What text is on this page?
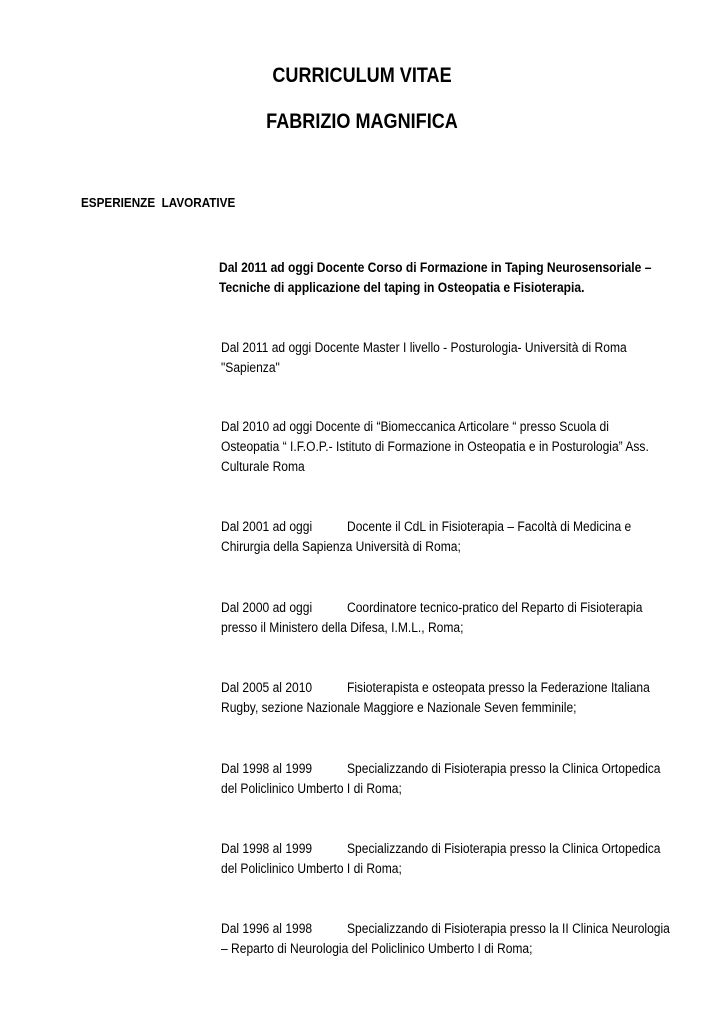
CURRICULUM VITAE
FABRIZIO MAGNIFICA
ESPERIENZE  LAVORATIVE
Dal 2011 ad oggi Docente Corso di Formazione in Taping Neurosensoriale –
Tecniche di applicazione del taping in Osteopatia e Fisioterapia.
Dal 2011 ad oggi Docente Master I livello - Posturologia- Università di Roma
"Sapienza"
Dal 2010 ad oggi Docente di “Biomeccanica Articolare “ presso Scuola di
Osteopatia “ I.F.O.P.- Istituto di Formazione in Osteopatia e in Posturologia” Ass.
Culturale Roma
Dal 2001 ad oggi	Docente il CdL in Fisioterapia – Facoltà di Medicina e
Chirurgia della Sapienza Università di Roma;
Dal 2000 ad oggi	Coordinatore tecnico-pratico del Reparto di Fisioterapia
presso il Ministero della Difesa, I.M.L., Roma;
Dal 2005 al 2010	Fisioterapista e osteopata presso la Federazione Italiana
Rugby, sezione Nazionale Maggiore e Nazionale Seven femminile;
Dal 1998 al 1999	Specializzando di Fisioterapia presso la Clinica Ortopedica
del Policlinico Umberto I di Roma;
Dal 1998 al 1999	Specializzando di Fisioterapia presso la Clinica Ortopedica
del Policlinico Umberto I di Roma;
Dal 1996 al 1998	Specializzando di Fisioterapia presso la II Clinica Neurologia
– Reparto di Neurologia del Policlinico Umberto I di Roma;
